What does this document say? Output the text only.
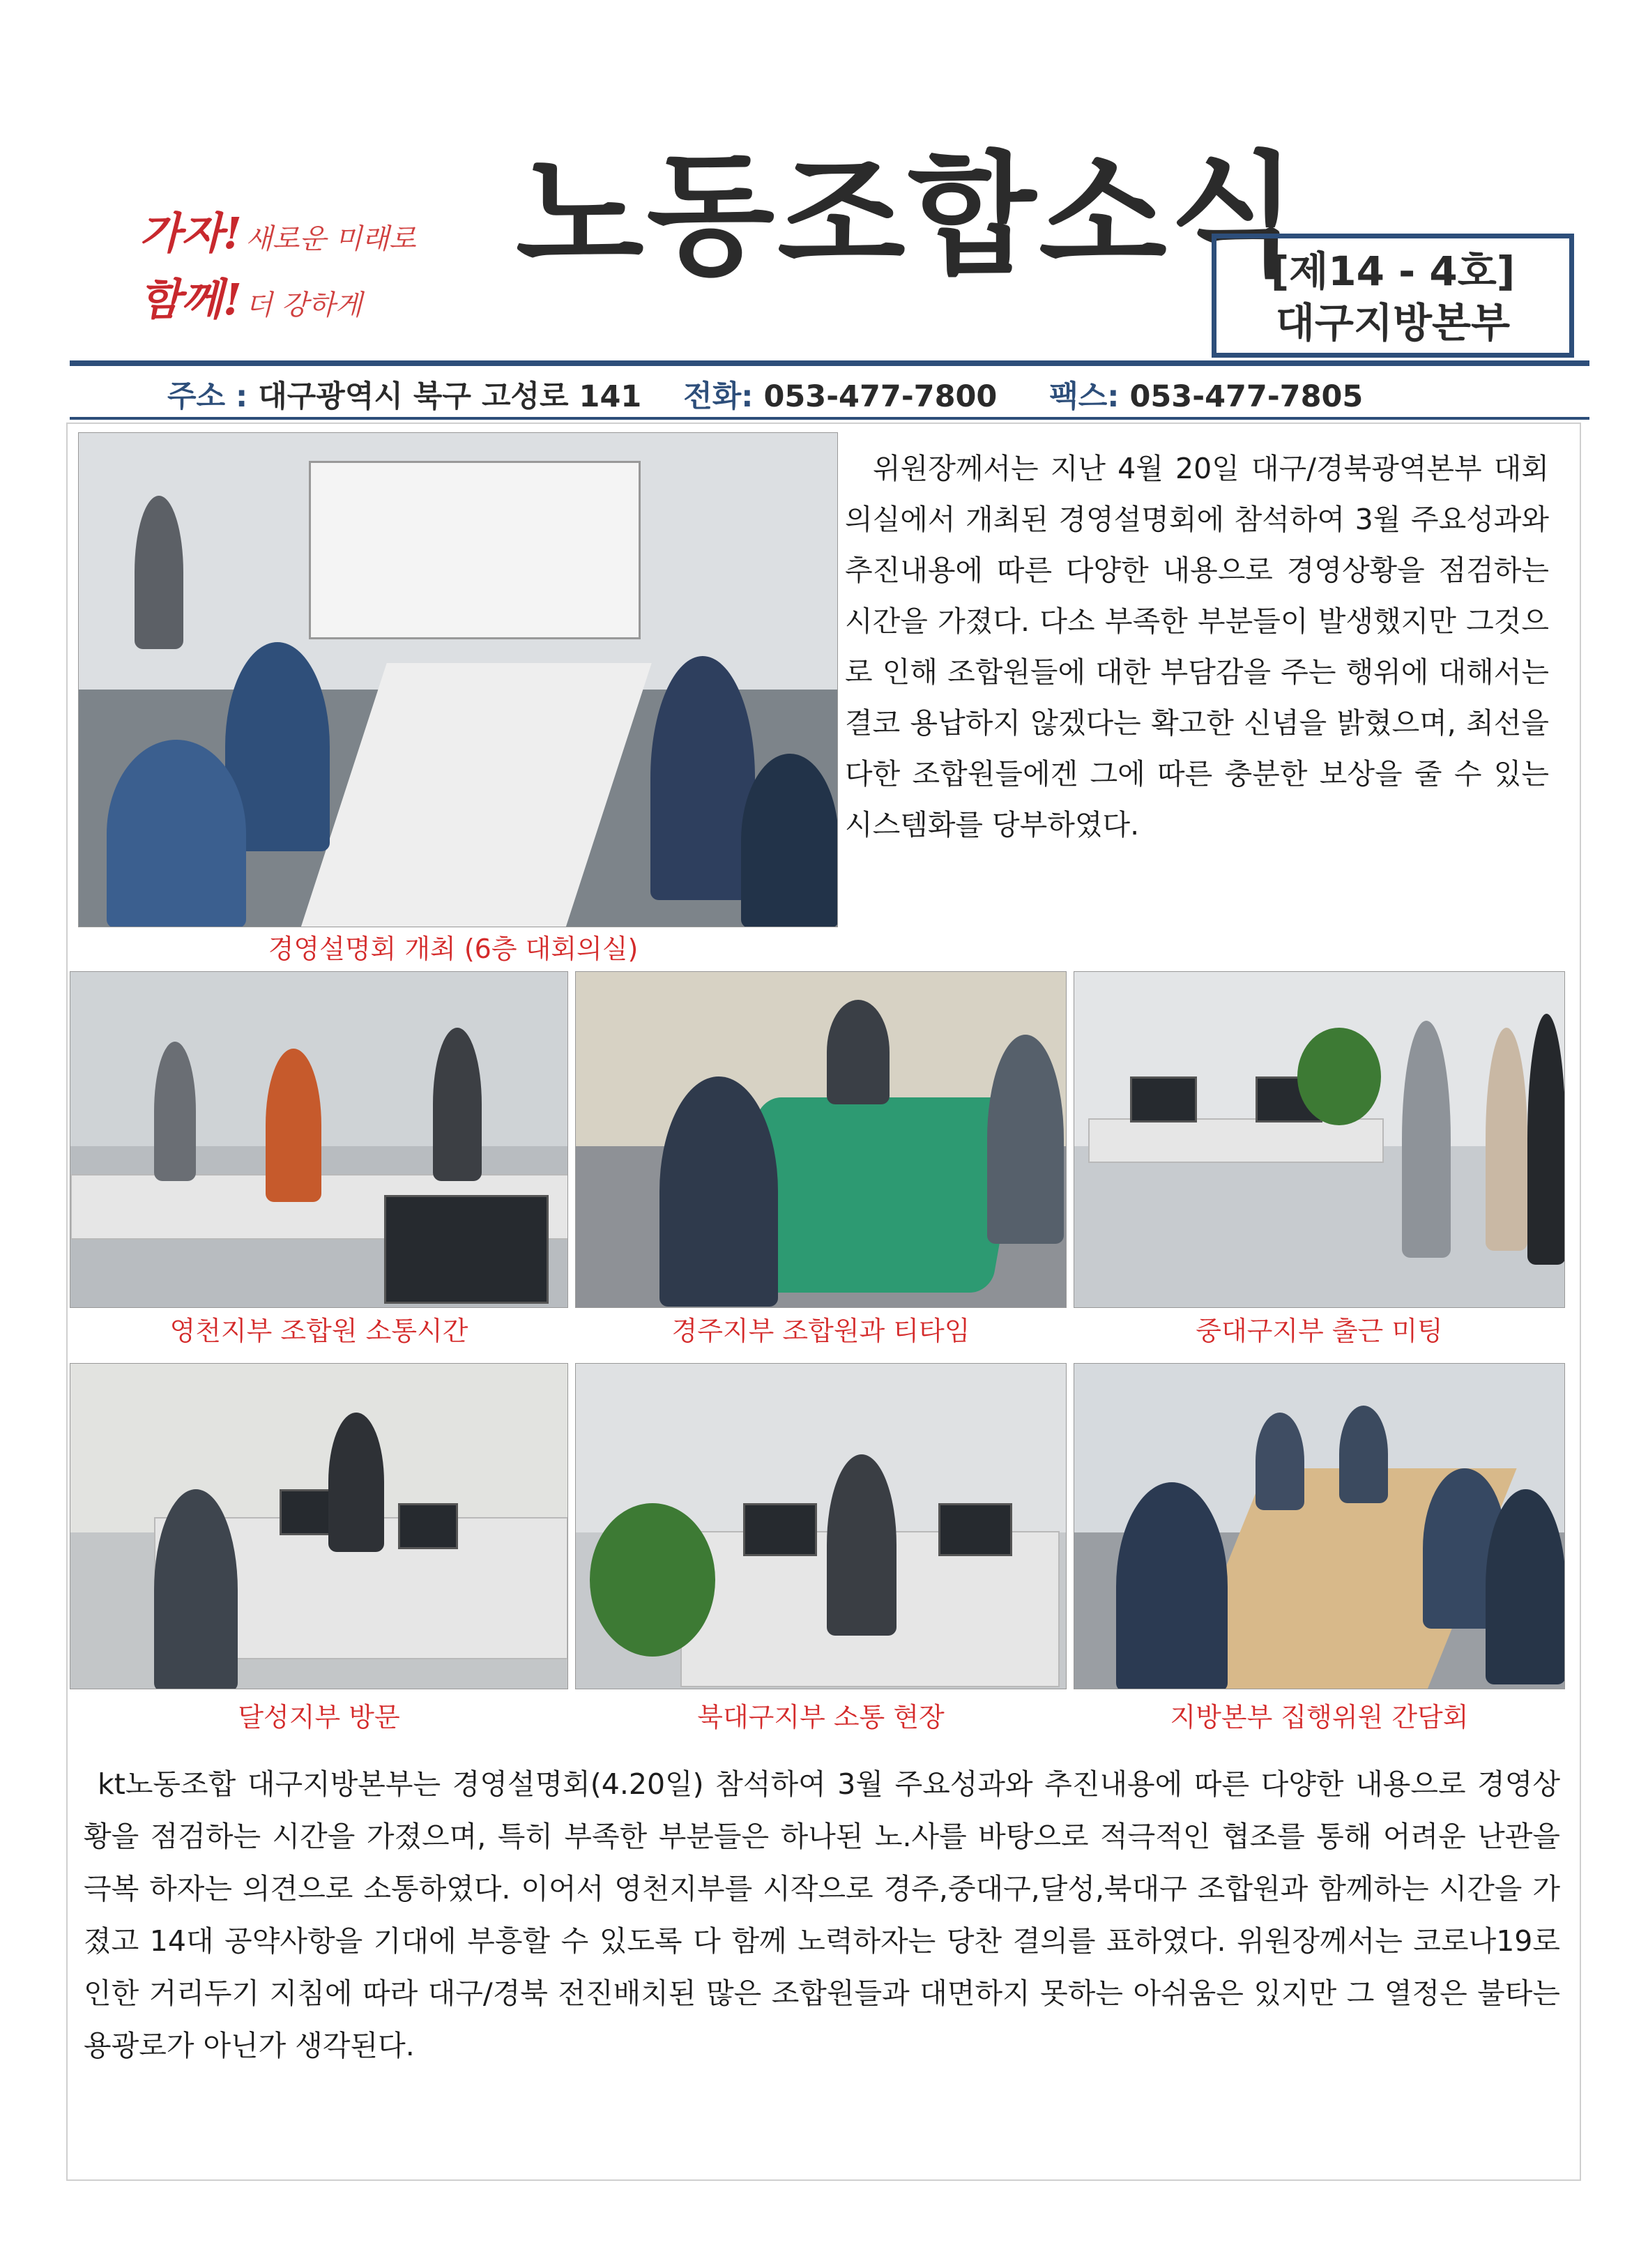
가자! 새로운 미래로
함께! 더 강하게
노동조합소식
[제14 - 4호]
대구지방본부
주소 : 대구광역시 북구 고성로 141 전화: 053-477-7800 팩스: 053-477-7805
경영설명회 개최 (6층 대회의실)
위원장께서는 지난 4월 20일 대구/경북광역본부 대회의실에서 개최된 경영설명회에 참석하여 3월 주요성과와 추진내용에 따른 다양한 내용으로 경영상황을 점검하는 시간을 가졌다. 다소 부족한 부분들이 발생했지만 그것으로 인해 조합원들에 대한 부담감을 주는 행위에 대해서는 결코 용납하지 않겠다는 확고한 신념을 밝혔으며, 최선을 다한 조합원들에겐 그에 따른 충분한 보상을 줄 수 있는 시스템화를 당부하였다.
영천지부 조합원 소통시간	경주지부 조합원과 티타임	중대구지부 출근 미팅
달성지부 방문	북대구지부 소통 현장	지방본부 집행위원 간담회
kt노동조합 대구지방본부는 경영설명회(4.20일) 참석하여 3월 주요성과와 추진내용에 따른 다양한 내용으로 경영상황을 점검하는 시간을 가졌으며, 특히 부족한 부분들은 하나된 노.사를 바탕으로 적극적인 협조를 통해 어려운 난관을 극복 하자는 의견으로 소통하였다. 이어서 영천지부를 시작으로 경주,중대구,달성,북대구 조합원과 함께하는 시간을 가졌고 14대 공약사항을 기대에 부흥할 수 있도록 다 함께 노력하자는 당찬 결의를 표하였다. 위원장께서는 코로나19로 인한 거리두기 지침에 따라 대구/경북 전진배치된 많은 조합원들과 대면하지 못하는 아쉬움은 있지만 그 열정은 불타는 용광로가 아닌가 생각된다.
